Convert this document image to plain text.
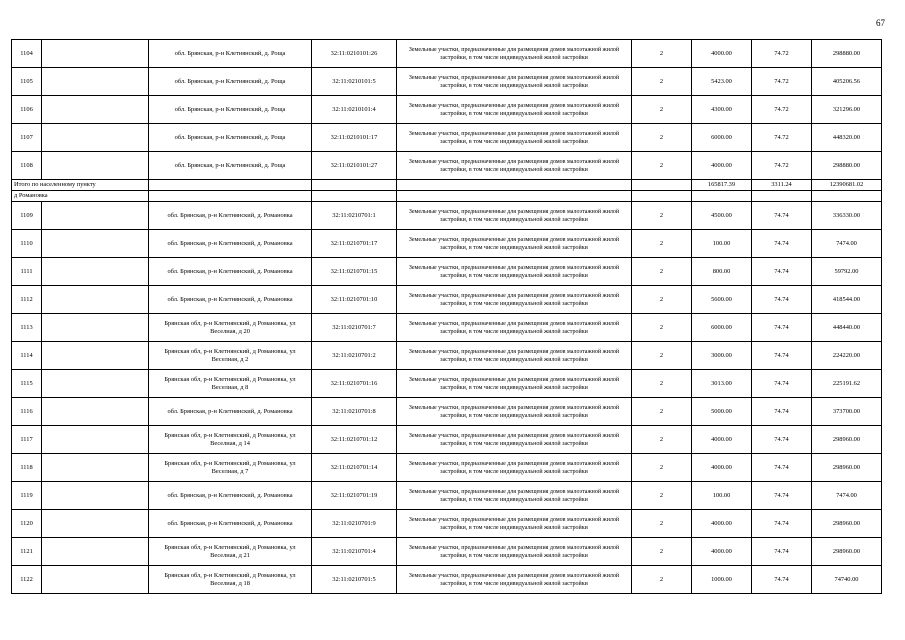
67
1104		обл. Брянская, р-н Клетнянский, д. Роща	32:11:0210101:26	Земельные участки, предназначенные для размещения домов малоэтажной жилой застройки, в том числе индивидуальной жилой застройки	2	4000.00	74.72	298880.00
1105		обл. Брянская, р-н Клетнянский, д. Роща	32:11:0210101:5	Земельные участки, предназначенные для размещения домов малоэтажной жилой застройки, в том числе индивидуальной жилой застройки	2	5423.00	74.72	405206.56
1106		обл. Брянская, р-н Клетнянский, д. Роща	32:11:0210101:4	Земельные участки, предназначенные для размещения домов малоэтажной жилой застройки, в том числе индивидуальной жилой застройки	2	4300.00	74.72	321296.00
1107		обл. Брянская, р-н Клетнянский, д. Роща	32:11:0210101:17	Земельные участки, предназначенные для размещения домов малоэтажной жилой застройки, в том числе индивидуальной жилой застройки	2	6000.00	74.72	448320.00
1108		обл. Брянская, р-н Клетнянский, д. Роща	32:11:0210101:27	Земельные участки, предназначенные для размещения домов малоэтажной жилой застройки, в том числе индивидуальной жилой застройки	2	4000.00	74.72	298880.00
Итого по населенному пункту						165817.39	3311.24	12390681.02
д Романовка								
1109		обл. Брянская, р-н Клетнянский, д. Романовка	32:11:0210701:1	Земельные участки, предназначенные для размещения домов малоэтажной жилой застройки, в том числе индивидуальной жилой застройки	2	4500.00	74.74	336330.00
1110		обл. Брянская, р-н Клетнянский, д. Романовка	32:11:0210701:17	Земельные участки, предназначенные для размещения домов малоэтажной жилой застройки, в том числе индивидуальной жилой застройки	2	100.00	74.74	7474.00
1111		обл. Брянская, р-н Клетнянский, д. Романовка	32:11:0210701:15	Земельные участки, предназначенные для размещения домов малоэтажной жилой застройки, в том числе индивидуальной жилой застройки	2	800.00	74.74	59792.00
1112		обл. Брянская, р-н Клетнянский, д. Романовка	32:11:0210701:10	Земельные участки, предназначенные для размещения домов малоэтажной жилой застройки, в том числе индивидуальной жилой застройки	2	5600.00	74.74	418544.00
1113		Брянская обл, р-н Клетнянский, д Романовка, ул Веселиая, д 20	32:11:0210701:7	Земельные участки, предназначенные для размещения домов малоэтажной жилой застройки, в том числе индивидуальной жилой застройки	2	6000.00	74.74	448440.00
1114		Брянская обл, р-н Клетнянский, д Романовка, ул Веселиая, д 2	32:11:0210701:2	Земельные участки, предназначенные для размещения домов малоэтажной жилой застройки, в том числе индивидуальной жилой застройки	2	3000.00	74.74	224220.00
1115		Брянская обл, р-н Клетнянский, д Романовка, ул Веселиая, д 8	32:11:0210701:16	Земельные участки, предназначенные для размещения домов малоэтажной жилой застройки, в том числе индивидуальной жилой застройки	2	3013.00	74.74	225191.62
1116		обл. Брянская, р-н Клетнянский, д. Романовка	32:11:0210701:8	Земельные участки, предназначенные для размещения домов малоэтажной жилой застройки, в том числе индивидуальной жилой застройки	2	5000.00	74.74	373700.00
1117		Брянская обл, р-н Клетнянский, д Романовка, ул Веселиая, д 14	32:11:0210701:12	Земельные участки, предназначенные для размещения домов малоэтажной жилой застройки, в том числе индивидуальной жилой застройки	2	4000.00	74.74	298960.00
1118		Брянская обл, р-н Клетнянский, д Романовка, ул Веселиая, д 7	32:11:0210701:14	Земельные участки, предназначенные для размещения домов малоэтажной жилой застройки, в том числе индивидуальной жилой застройки	2	4000.00	74.74	298960.00
1119		обл. Брянская, р-н Клетнянский, д. Романовка	32:11:0210701:19	Земельные участки, предназначенные для размещения домов малоэтажной жилой застройки, в том числе индивидуальной жилой застройки	2	100.00	74.74	7474.00
1120		обл. Брянская, р-н Клетнянский, д. Романовка	32:11:0210701:9	Земельные участки, предназначенные для размещения домов малоэтажной жилой застройки, в том числе индивидуальной жилой застройки	2	4000.00	74.74	298960.00
1121		Брянская обл, р-н Клетнянский, д Романовка, ул Веселиая, д 21	32:11:0210701:4	Земельные участки, предназначенные для размещения домов малоэтажной жилой застройки, в том числе индивидуальной жилой застройки	2	4000.00	74.74	298960.00
1122		Брянская обл, р-н Клетнянский, д Романовка, ул Веселиая, д 18	32:11:0210701:5	Земельные участки, предназначенные для размещения домов малоэтажной жилой застройки, в том числе индивидуальной жилой застройки	2	1000.00	74.74	74740.00
